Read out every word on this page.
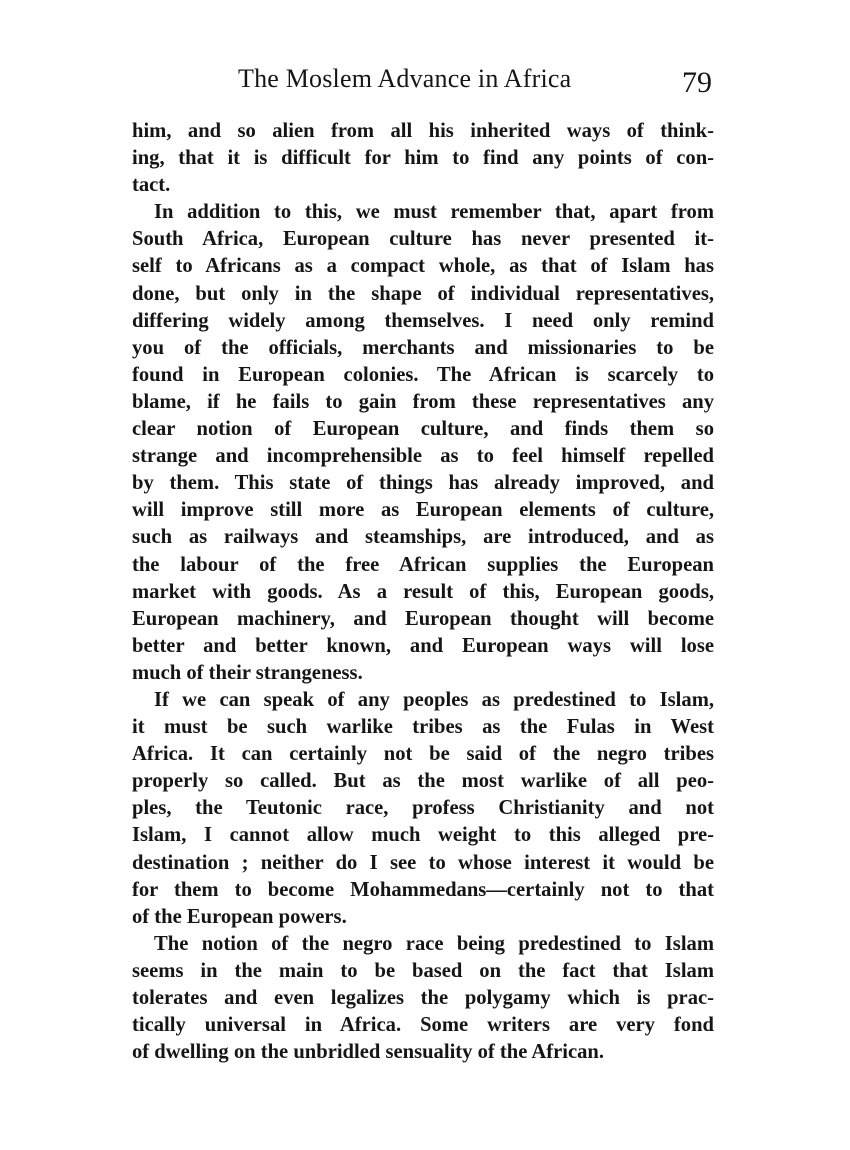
The Moslem Advance in Africa	79

him, and so alien from all his inherited ways of think-
ing, that it is difficult for him to find any points of con-
tact.

In addition to this, we must remember that, apart from
South Africa, European culture has never presented it-
self to Africans as a compact whole, as that of Islam has
done, but only in the shape of individual representatives,
differing widely among themselves. I need only remind
you of the officials, merchants and missionaries to be
found in European colonies. The African is scarcely to
blame, if he fails to gain from these representatives any
clear notion of European culture, and finds them so
strange and incomprehensible as to feel himself repelled
by them. This state of things has already improved, and
will improve still more as European elements of culture,
such as railways and steamships, are introduced, and as
the labour of the free African supplies the European
market with goods. As a result of this, European goods,
European machinery, and European thought will become
better and better known, and European ways will lose
much of their strangeness.

If we can speak of any peoples as predestined to Islam,
it must be such warlike tribes as the Fulas in West
Africa. It can certainly not be said of the negro tribes
properly so called. But as the most warlike of all peo-
ples, the Teutonic race, profess Christianity and not
Islam, I cannot allow much weight to this alleged pre-
destination ; neither do I see to whose interest it would be
for them to become Mohammedans—certainly not to that
of the European powers.

The notion of the negro race being predestined to Islam
seems in the main to be based on the fact that Islam
tolerates and even legalizes the polygamy which is prac-
tically universal in Africa. Some writers are very fond
of dwelling on the unbridled sensuality of the African.
